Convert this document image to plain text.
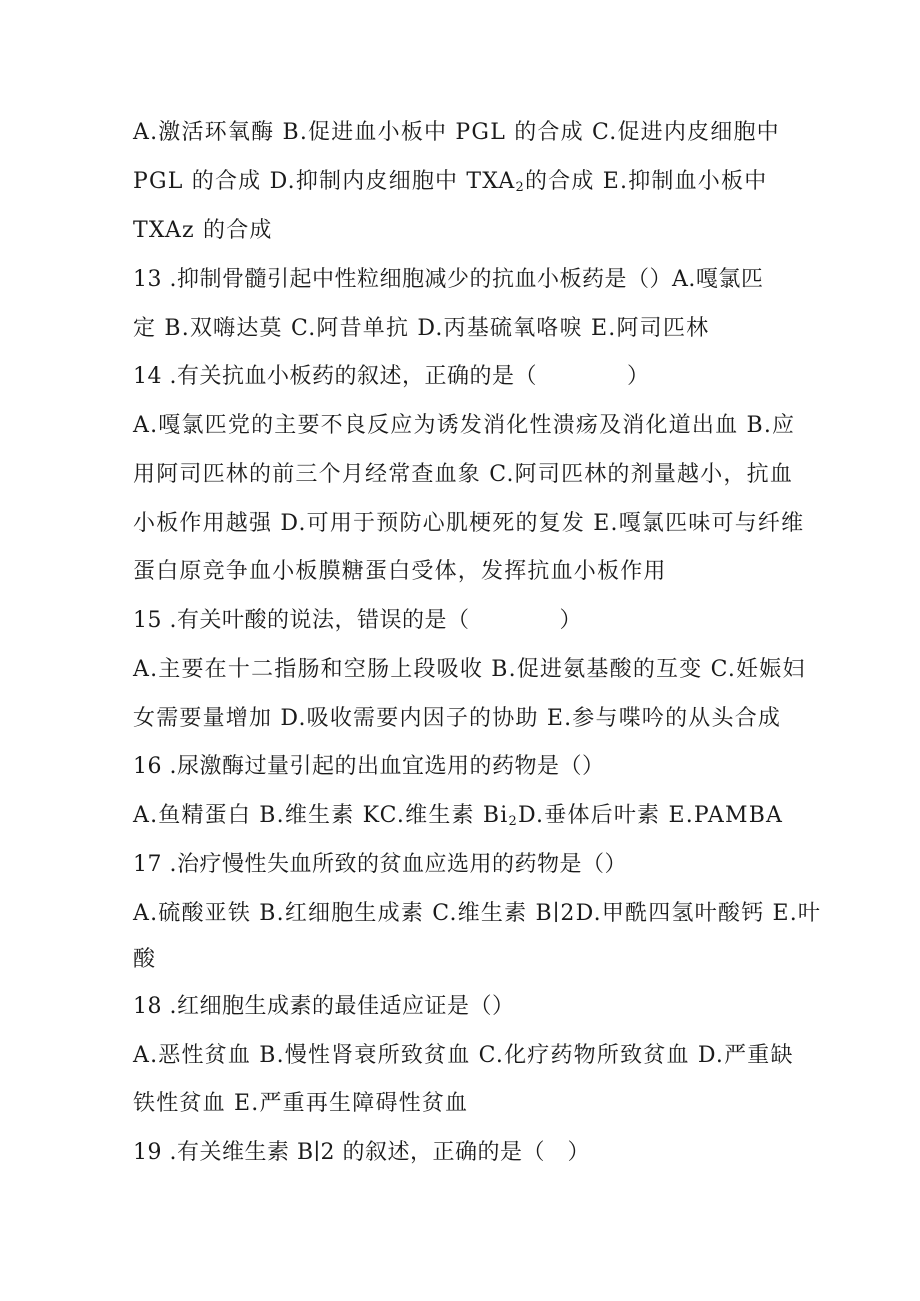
A.激活环氧酶 B.促进血小板中 PGL 的合成 C.促进内皮细胞中
PGL 的合成 D.抑制内皮细胞中 $TXA_2$的合成 E.抑制血小板中
TXAz 的合成
13 .抑制骨髓引起中性粒细胞减少的抗血小板药是（）A.嘎氯匹
定 B.双嗨达莫 C.阿昔单抗 D.丙基硫氧咯唳 E.阿司匹林
14 .有关抗血小板药的叙述，正确的是（　　　　）
A.嘎氯匹党的主要不良反应为诱发消化性溃疡及消化道出血 B.应
用阿司匹林的前三个月经常查血象 C.阿司匹林的剂量越小，抗血
小板作用越强 D.可用于预防心肌梗死的复发 E.嘎氯匹味可与纤维
蛋白原竞争血小板膜糖蛋白受体，发挥抗血小板作用
15 .有关叶酸的说法，错误的是（　　　　）
A.主要在十二指肠和空肠上段吸收 B.促进氨基酸的互变 C.妊娠妇
女需要量增加 D.吸收需要内因子的协助 E.参与喋吟的从头合成
16 .尿激酶过量引起的出血宜选用的药物是（）
A.鱼精蛋白 B.维生素 KC.维生素 $Bi_2D$.垂体后叶素 E.PAMBA
17 .治疗慢性失血所致的贫血应选用的药物是（）
A.硫酸亚铁 B.红细胞生成素 C.维生素 B∣2D.甲酰四氢叶酸钙 E.叶
酸
18 .红细胞生成素的最佳适应证是（）
A.恶性贫血 B.慢性肾衰所致贫血 C.化疗药物所致贫血 D.严重缺
铁性贫血 E.严重再生障碍性贫血
19 .有关维生素 B∣2 的叙述，正确的是（　）
